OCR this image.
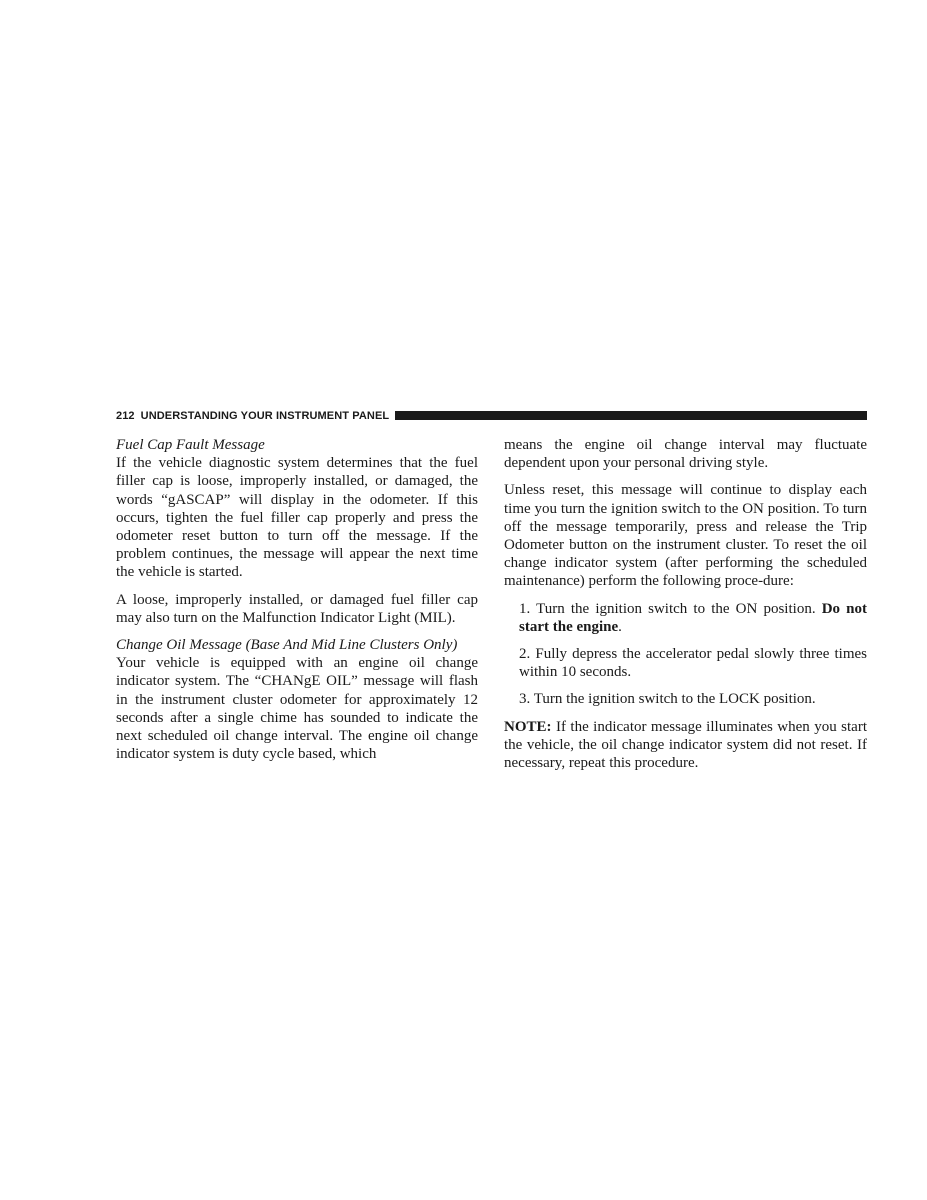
212 UNDERSTANDING YOUR INSTRUMENT PANEL

Fuel Cap Fault Message

If the vehicle diagnostic system determines that the fuel filler cap is loose, improperly installed, or damaged, the words “gASCAP” will display in the odometer. If this occurs, tighten the fuel filler cap properly and press the odometer reset button to turn off the message. If the problem continues, the message will appear the next time the vehicle is started.

A loose, improperly installed, or damaged fuel filler cap may also turn on the Malfunction Indicator Light (MIL).

Change Oil Message (Base And Mid Line Clusters Only)

Your vehicle is equipped with an engine oil change indicator system. The “CHANgE OIL” message will flash in the instrument cluster odometer for approximately 12 seconds after a single chime has sounded to indicate the next scheduled oil change interval. The engine oil change indicator system is duty cycle based, which

means the engine oil change interval may fluctuate dependent upon your personal driving style.

Unless reset, this message will continue to display each time you turn the ignition switch to the ON position. To turn off the message temporarily, press and release the Trip Odometer button on the instrument cluster. To reset the oil change indicator system (after performing the scheduled maintenance) perform the following proce-dure:

1. Turn the ignition switch to the ON position. Do not start the engine.

2. Fully depress the accelerator pedal slowly three times within 10 seconds.

3. Turn the ignition switch to the LOCK position.

NOTE: If the indicator message illuminates when you start the vehicle, the oil change indicator system did not reset. If necessary, repeat this procedure.
